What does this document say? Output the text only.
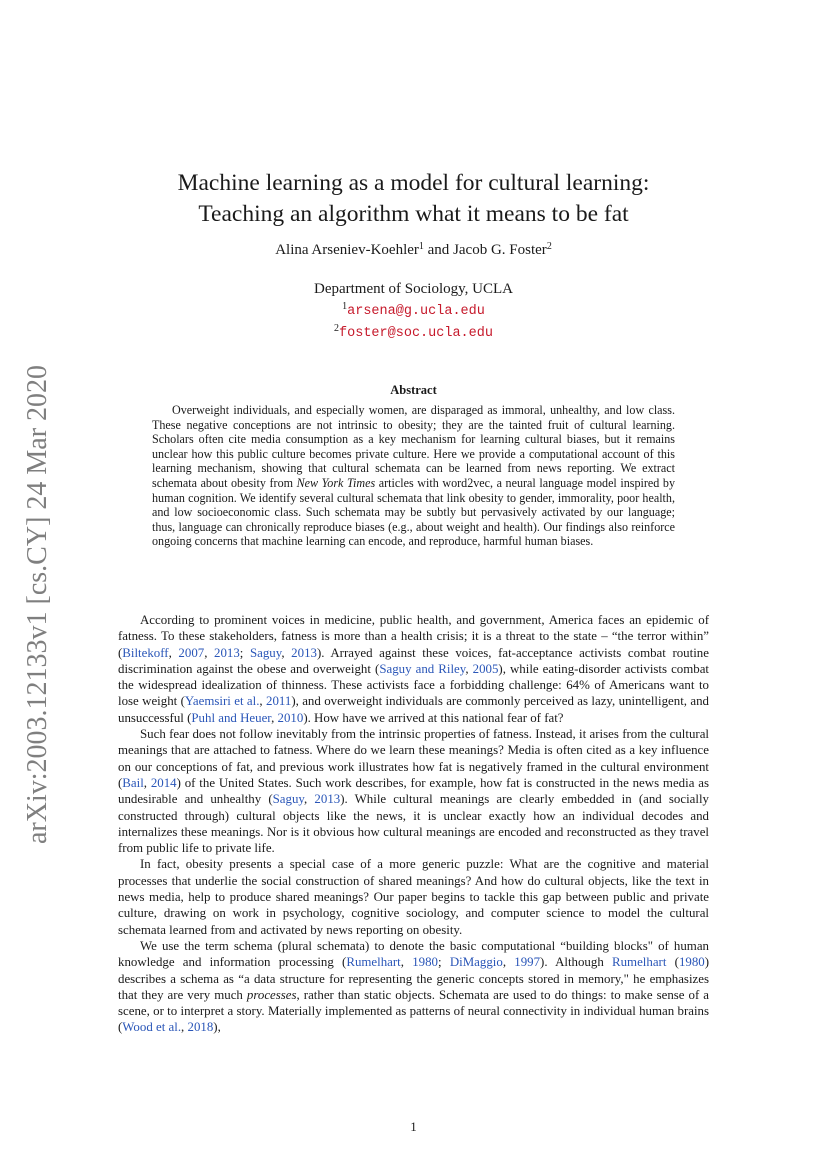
arXiv:2003.12133v1 [cs.CY] 24 Mar 2020
Machine learning as a model for cultural learning:
Teaching an algorithm what it means to be fat
Alina Arseniev-Koehler$^1$ and Jacob G. Foster$^2$
Department of Sociology, UCLA
$^1$arsena@g.ucla.edu
$^2$foster@soc.ucla.edu
Abstract

Overweight individuals, and especially women, are disparaged as immoral, unhealthy, and low class. These negative conceptions are not intrinsic to obesity; they are the tainted fruit of cultural learning. Scholars often cite media consumption as a key mechanism for learning cultural biases, but it remains unclear how this public culture becomes private culture. Here we provide a computational account of this learning mechanism, showing that cultural schemata can be learned from news reporting. We extract schemata about obesity from New York Times articles with word2vec, a neural language model inspired by human cognition. We identify several cultural schemata that link obesity to gender, immorality, poor health, and low socioeconomic class. Such schemata may be subtly but pervasively activated by our language; thus, language can chronically reproduce biases (e.g., about weight and health). Our findings also reinforce ongoing concerns that machine learning can encode, and reproduce, harmful human biases.

According to prominent voices in medicine, public health, and government, America faces an epidemic of fatness. To these stakeholders, fatness is more than a health crisis; it is a threat to the state – “the terror within” (Biltekoff, 2007, 2013; Saguy, 2013). Arrayed against these voices, fat-acceptance activists combat routine discrimination against the obese and overweight (Saguy and Riley, 2005), while eating-disorder activists combat the widespread idealization of thinness. These activists face a forbidding challenge: 64% of Americans want to lose weight (Yaemsiri et al., 2011), and overweight individuals are commonly perceived as lazy, unintelligent, and unsuccessful (Puhl and Heuer, 2010). How have we arrived at this national fear of fat?

Such fear does not follow inevitably from the intrinsic properties of fatness. Instead, it arises from the cultural meanings that are attached to fatness. Where do we learn these meanings? Media is often cited as a key influence on our conceptions of fat, and previous work illustrates how fat is negatively framed in the cultural environment (Bail, 2014) of the United States. Such work describes, for example, how fat is constructed in the news media as undesirable and unhealthy (Saguy, 2013). While cultural meanings are clearly embedded in (and socially constructed through) cultural objects like the news, it is unclear exactly how an individual decodes and internalizes these meanings. Nor is it obvious how cultural meanings are encoded and reconstructed as they travel from public life to private life.

In fact, obesity presents a special case of a more generic puzzle: What are the cognitive and material processes that underlie the social construction of shared meanings? And how do cultural objects, like the text in news media, help to produce shared meanings? Our paper begins to tackle this gap between public and private culture, drawing on work in psychology, cognitive sociology, and computer science to model the cultural schemata learned from and activated by news reporting on obesity.

We use the term schema (plural schemata) to denote the basic computational “building blocks" of human knowledge and information processing (Rumelhart, 1980; DiMaggio, 1997). Although Rumelhart (1980) describes a schema as “a data structure for representing the generic concepts stored in memory," he emphasizes that they are very much processes, rather than static objects. Schemata are used to do things: to make sense of a scene, or to interpret a story. Materially implemented as patterns of neural connectivity in individual human brains (Wood et al., 2018),

1
